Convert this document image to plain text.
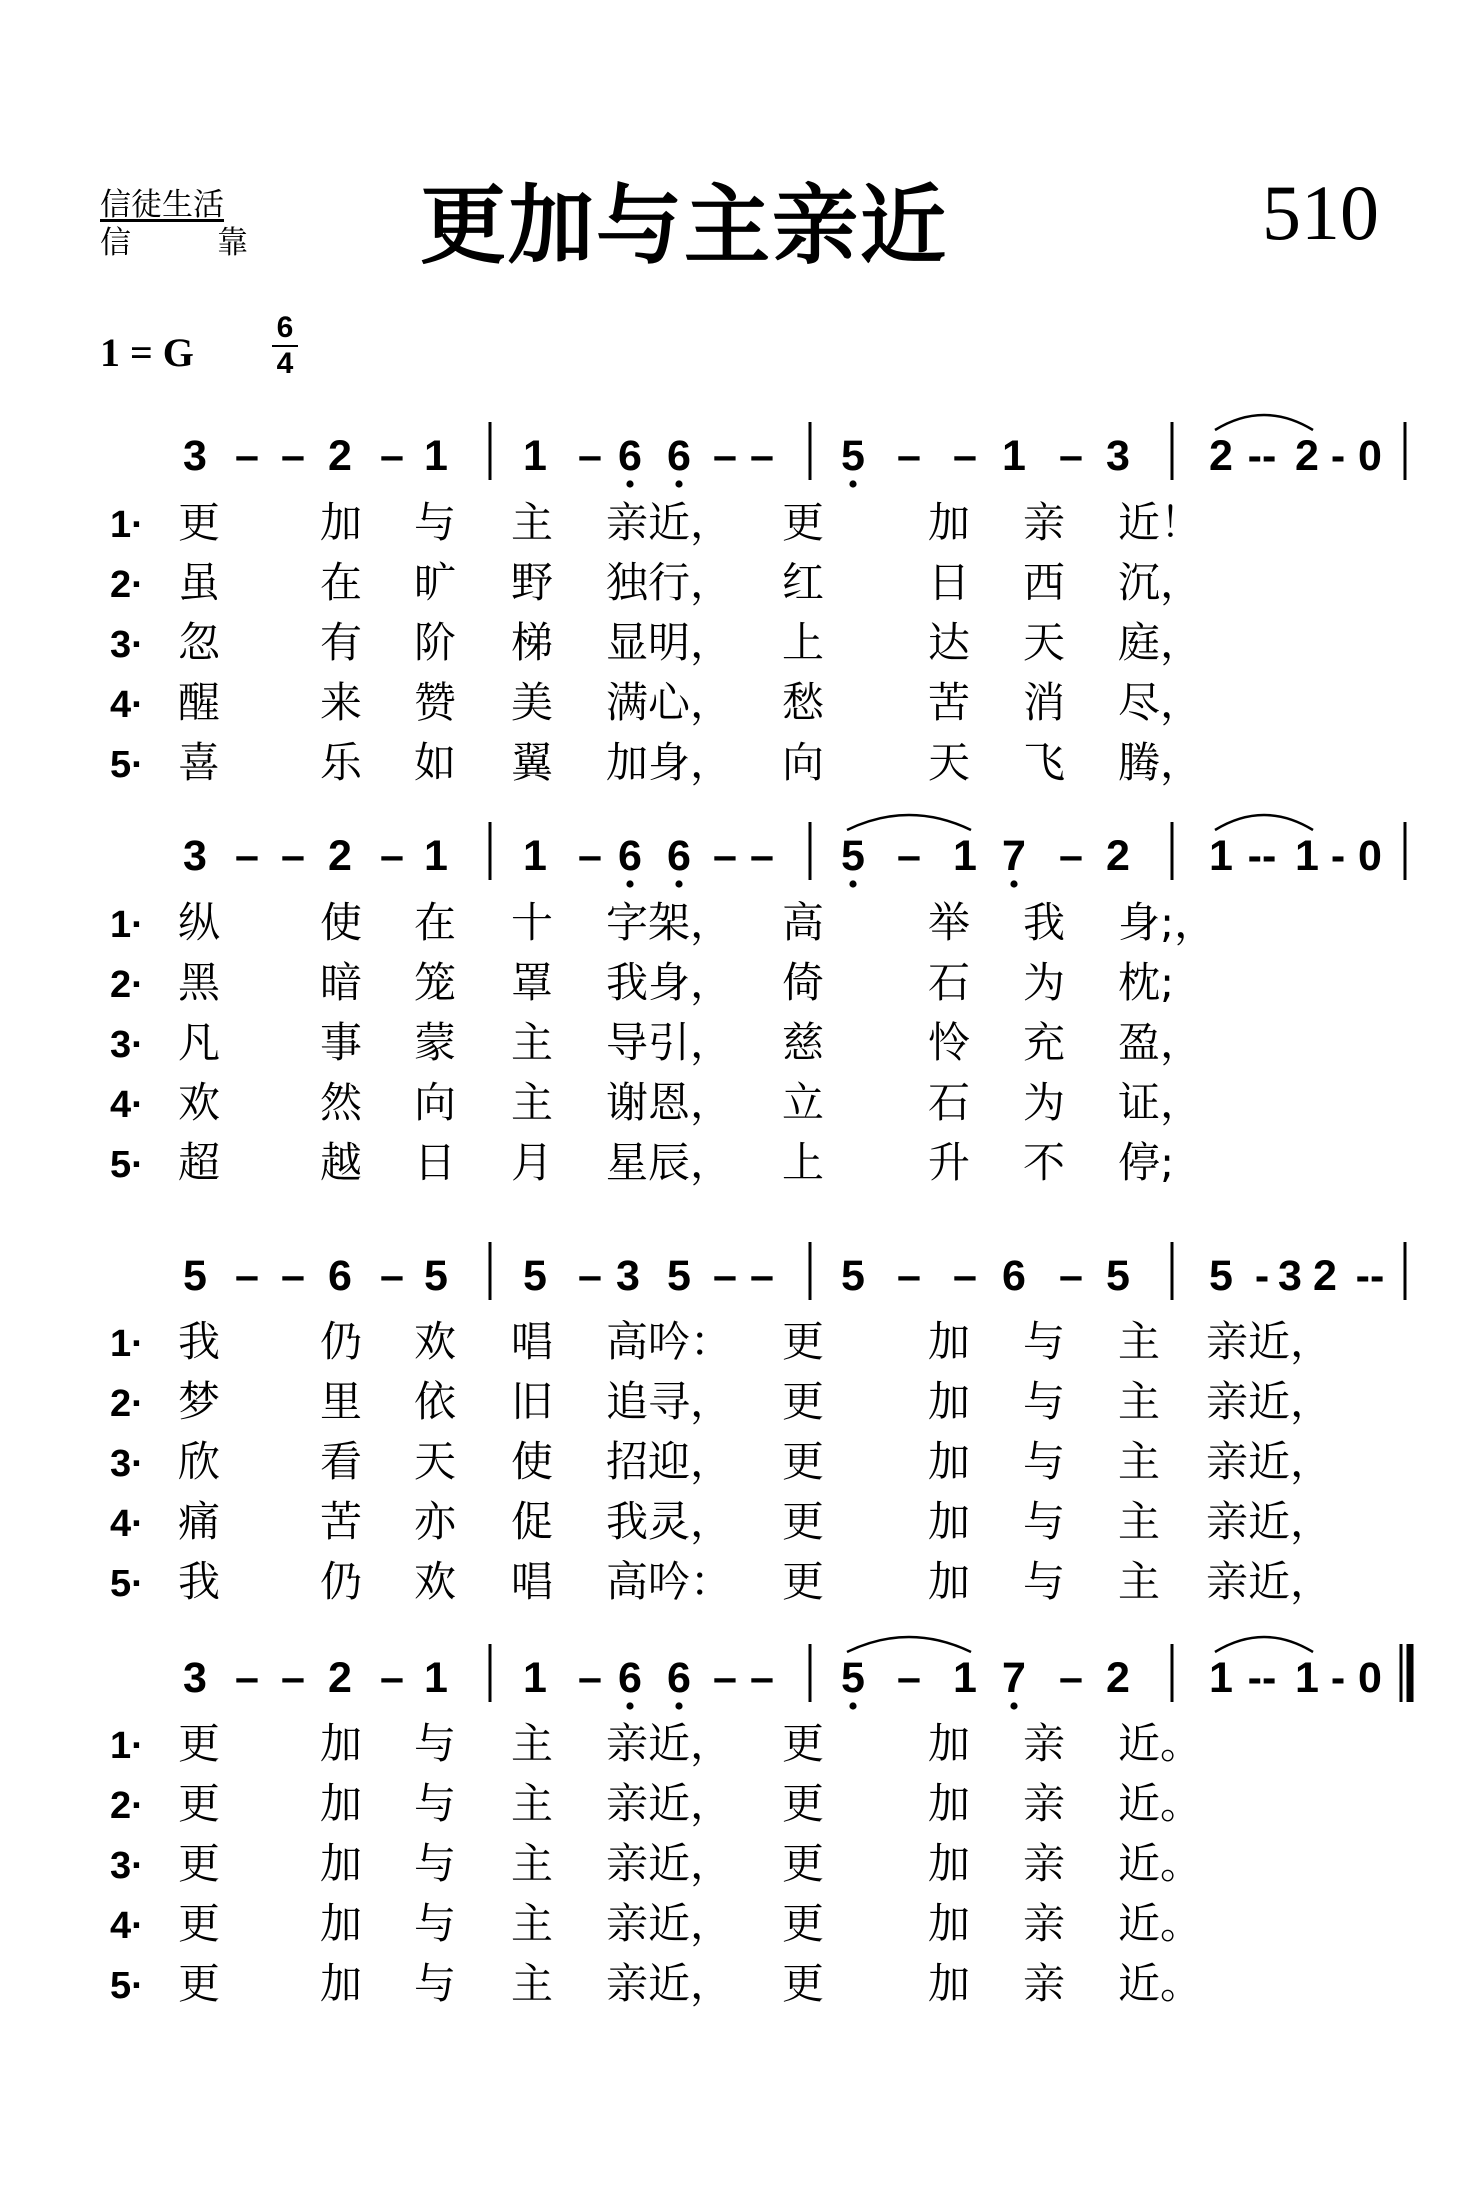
信徒生活
信	靠 更加与主亲近	510
1 = G
6
4
3 – – 2 – 1 1 – 6 6 – – 5 – – 1 – 3 2 -- 2 - 0
1· 更 加 与 主 亲近， 更 加 亲 近！
2· 虽 在 旷 野 独行， 红 日 西 沉，
3· 忽 有 阶 梯 显明， 上 达 天 庭，
4· 醒 来 赞 美 满心， 愁 苦 消 尽，
5· 喜 乐 如 翼 加身， 向 天 飞 腾，
3 – – 2 – 1 1 – 6 6 – – 5 – 1 7 – 2 1 -- 1 - 0
1· 纵 使 在 十 字架， 高 举 我 身;，
2· 黑 暗 笼 罩 我身， 倚 石 为 枕;
3· 凡 事 蒙 主 导引， 慈 怜 充 盈，
4· 欢 然 向 主 谢恩， 立 石 为 证，
5· 超 越 日 月 星辰， 上 升 不 停;
5 – – 6 – 5 5 – 3 5 – – 5 – – 6 – 5 5 - 3 2 --
1· 我 仍 欢 唱 高吟： 更 加 与 主 亲近，
2· 梦 里 依 旧 追寻， 更 加 与 主 亲近，
3· 欣 看 天 使 招迎， 更 加 与 主 亲近，
4· 痛 苦 亦 促 我灵， 更 加 与 主 亲近，
5· 我 仍 欢 唱 高吟： 更 加 与 主 亲近，
3 – – 2 – 1 1 – 6 6 – – 5 – 1 7 – 2 1 -- 1 - 0
1· 更 加 与 主 亲近， 更 加 亲 近。
2· 更 加 与 主 亲近， 更 加 亲 近。
3· 更 加 与 主 亲近， 更 加 亲 近。
4· 更 加 与 主 亲近， 更 加 亲 近。
5· 更 加 与 主 亲近， 更 加 亲 近。
